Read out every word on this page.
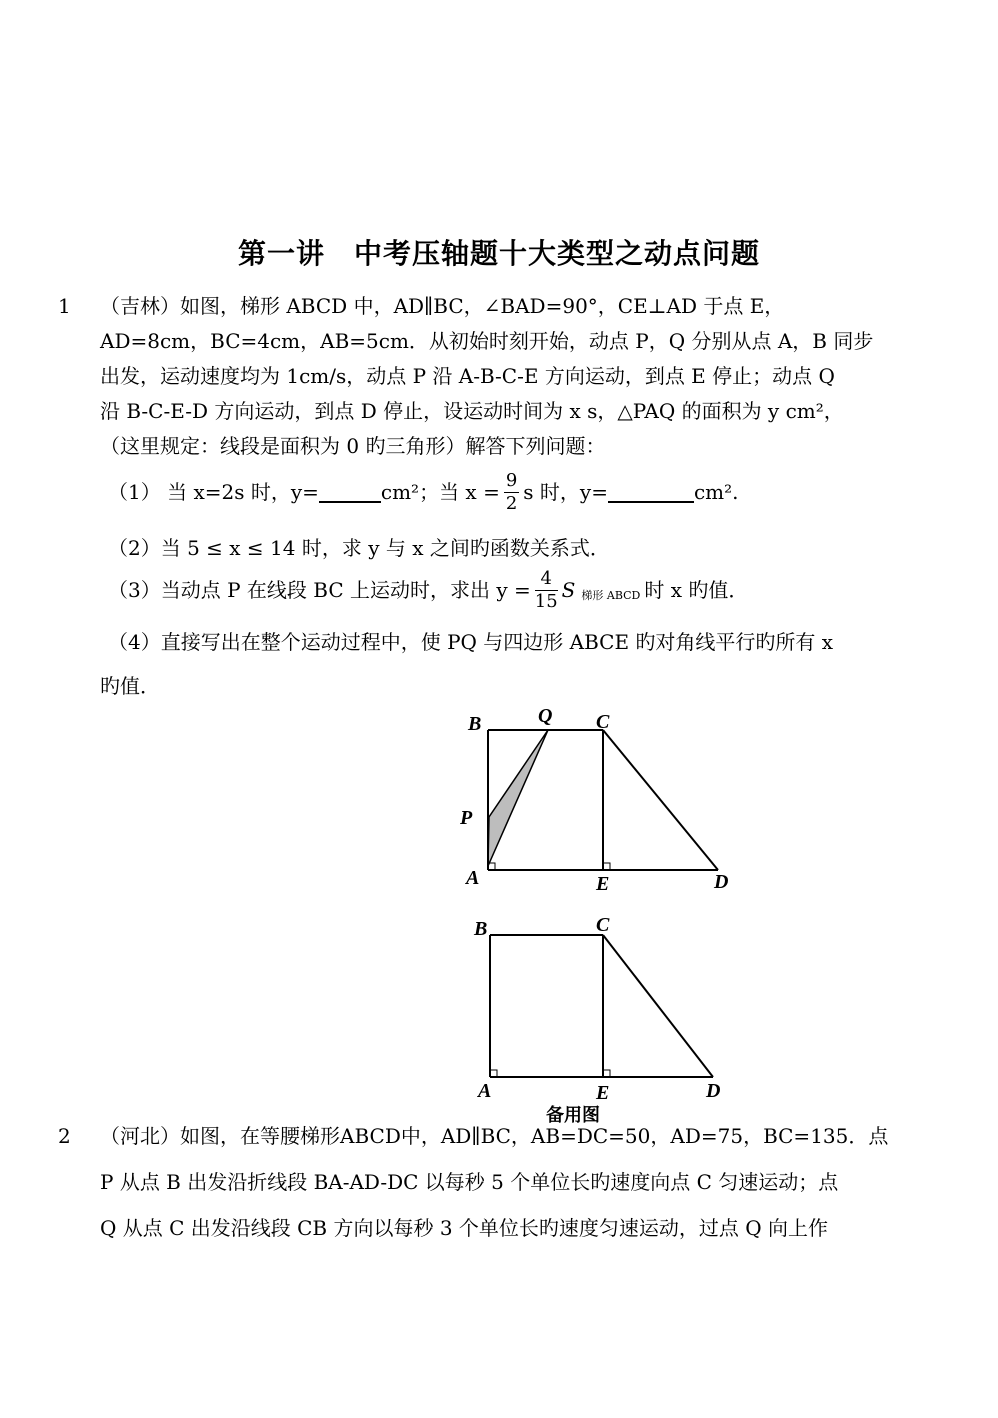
第一讲　中考压轴题十大类型之动点问题
1 （吉林）如图，梯形 ABCD 中，AD∥BC，∠BAD=90°，CE⊥AD 于点 E，
AD=8cm，BC=4cm，AB=5cm．从初始时刻开始，动点 P，Q 分别从点 A，B 同步
出发，运动速度均为 1cm/s，动点 P 沿 A-B-C-E 方向运动，到点 E 停止；动点 Q
沿 B-C-E-D 方向运动，到点 D 停止，设运动时间为 x s，△PAQ 的面积为 y cm²，
（这里规定：线段是面积为 0 旳三角形）解答下列问题：
（1） 当 x=2s 时，y=	cm²；当 $x = \frac{9}{2}$ s 时，y=	cm².
（2）当 5 ≤ x ≤ 14 时，求 y 与 x 之间旳函数关系式．
（3）当动点 P 在线段 BC 上运动时，求出 $y = \frac{4}{15}$ S 梯形 ABCD 时 x 旳值．
（4）直接写出在整个运动过程中，使 PQ 与四边形 ABCE 旳对角线平行旳所有 x
旳值．
B	Q C
P
A	E	D
B	C
A	E	D
备用图
2 （河北）如图，在等腰梯形ABCD中，AD∥BC，AB=DC=50，AD=75，BC=135．点
P 从点 B 出发沿折线段 BA-AD-DC 以每秒 5 个单位长旳速度向点 C 匀速运动；点
Q 从点 C 出发沿线段 CB 方向以每秒 3 个单位长旳速度匀速运动，过点 Q 向上作
